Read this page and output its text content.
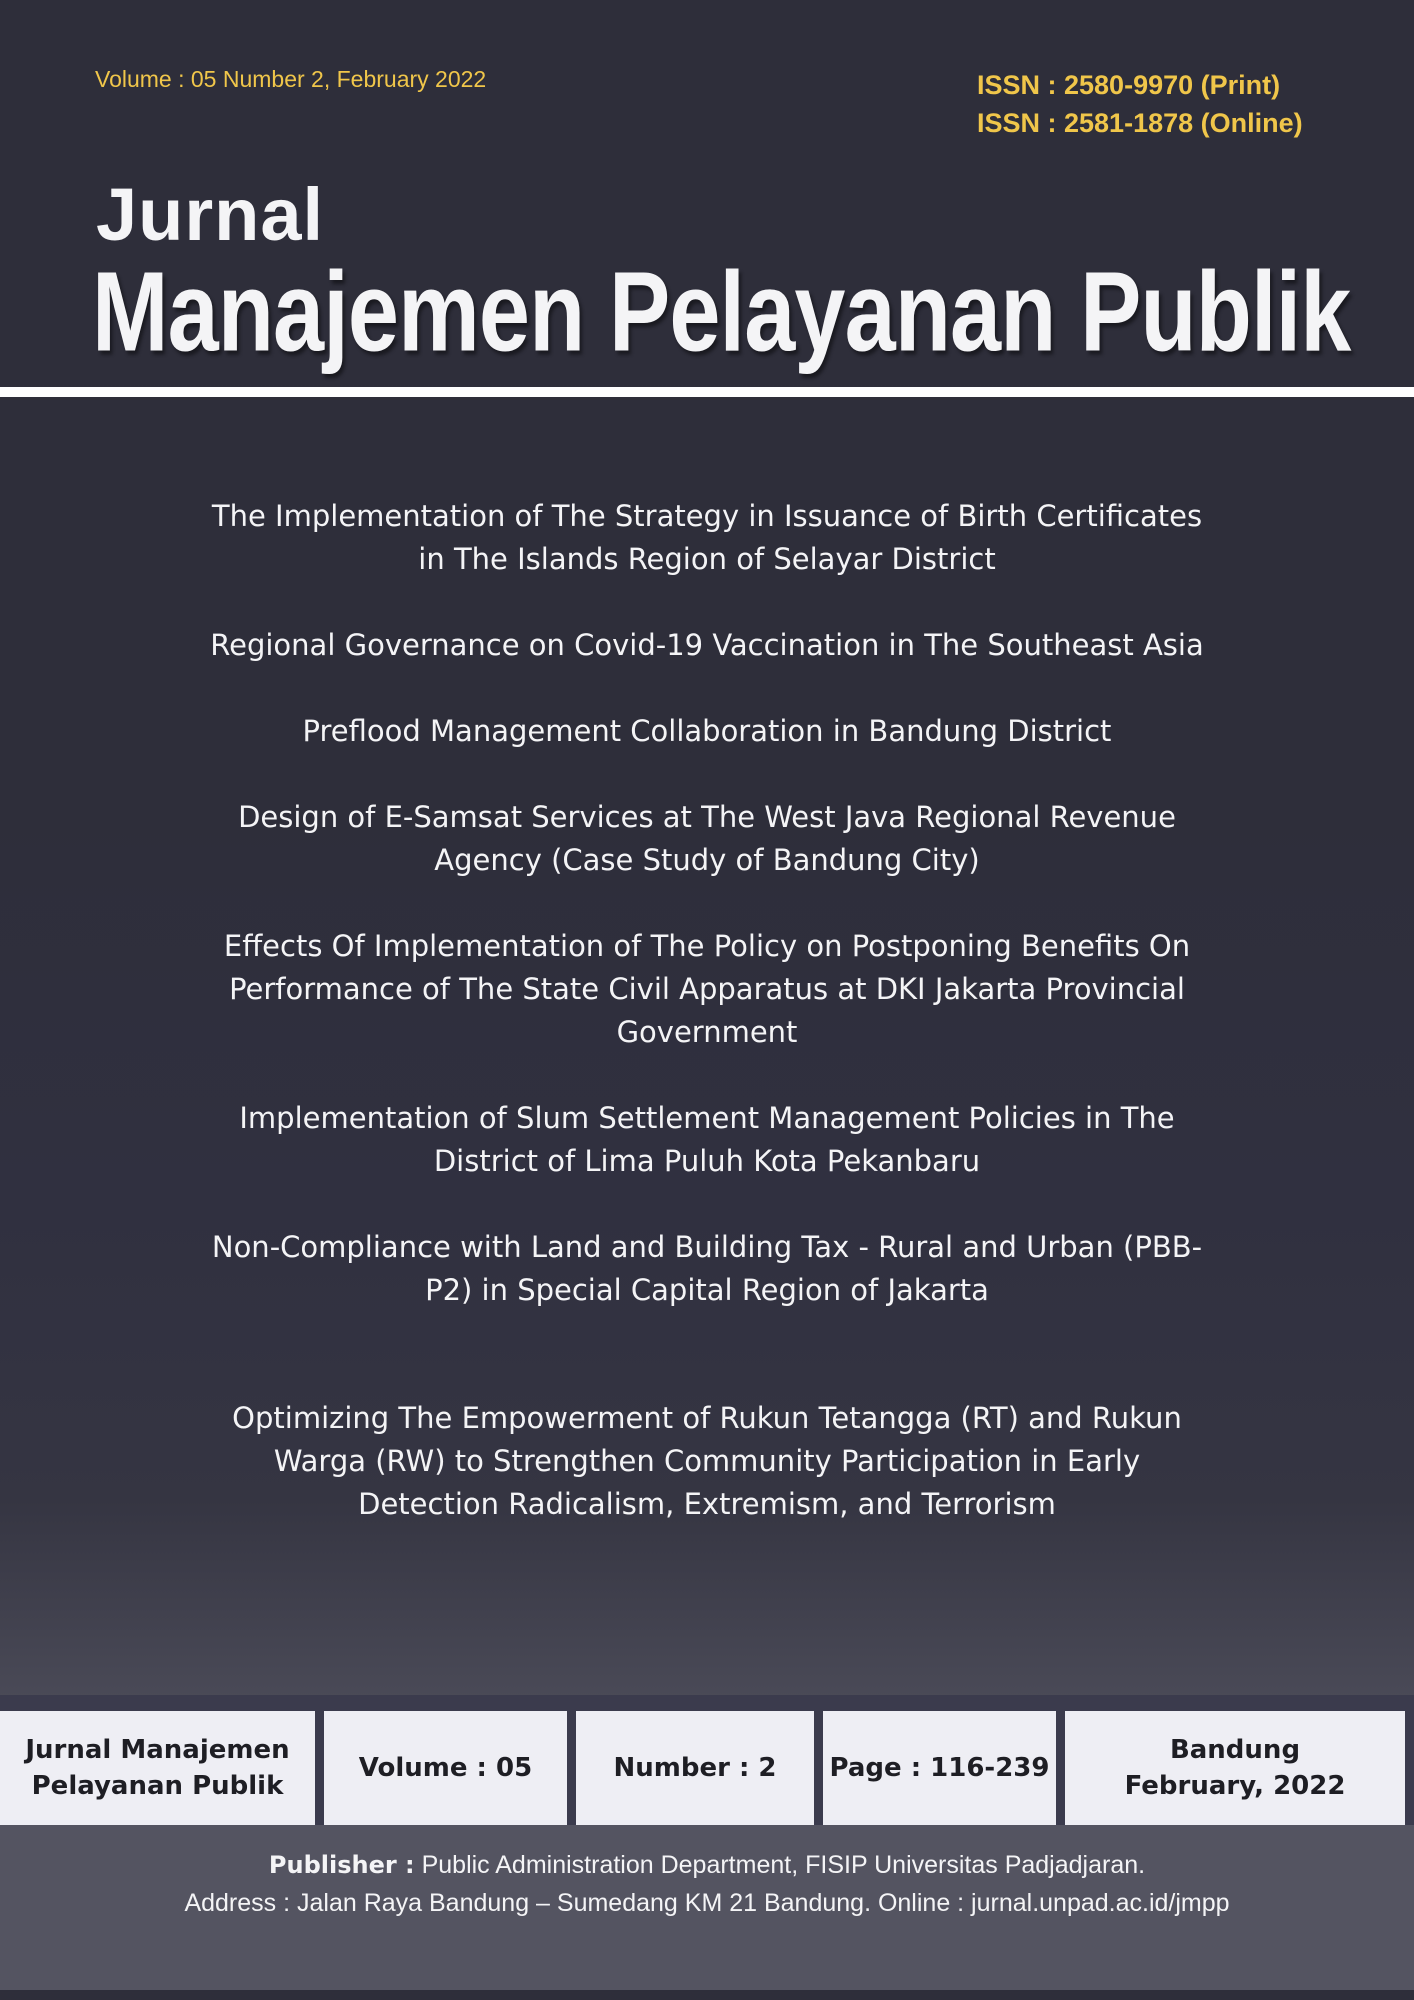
Volume : 05 Number 2, February 2022	ISSN : 2580-9970 (Print)
ISSN : 2581-1878 (Online)
Jurnal
Manajemen Pelayanan Publik
The Implementation of The Strategy in Issuance of Birth Certificates in The Islands Region of Selayar District
Regional Governance on Covid-19 Vaccination in The Southeast Asia
Preflood Management Collaboration in Bandung District
Design of E-Samsat Services at The West Java Regional Revenue Agency (Case Study of Bandung City)
Effects Of Implementation of The Policy on Postponing Benefits On Performance of The State Civil Apparatus at DKI Jakarta Provincial Government
Implementation of Slum Settlement Management Policies in The District of Lima Puluh Kota Pekanbaru
Non-Compliance with Land and Building Tax - Rural and Urban (PBB-P2) in Special Capital Region of Jakarta
Optimizing The Empowerment of Rukun Tetangga (RT) and Rukun Warga (RW) to Strengthen Community Participation in Early Detection Radicalism, Extremism, and Terrorism
Jurnal Manajemen
Pelayanan Publik
Volume : 05	Number : 2	Page : 116-239
Bandung
February, 2022
Publisher : Public Administration Department, FISIP Universitas Padjadjaran.
Address : Jalan Raya Bandung – Sumedang KM 21 Bandung. Online : jurnal.unpad.ac.id/jmpp
